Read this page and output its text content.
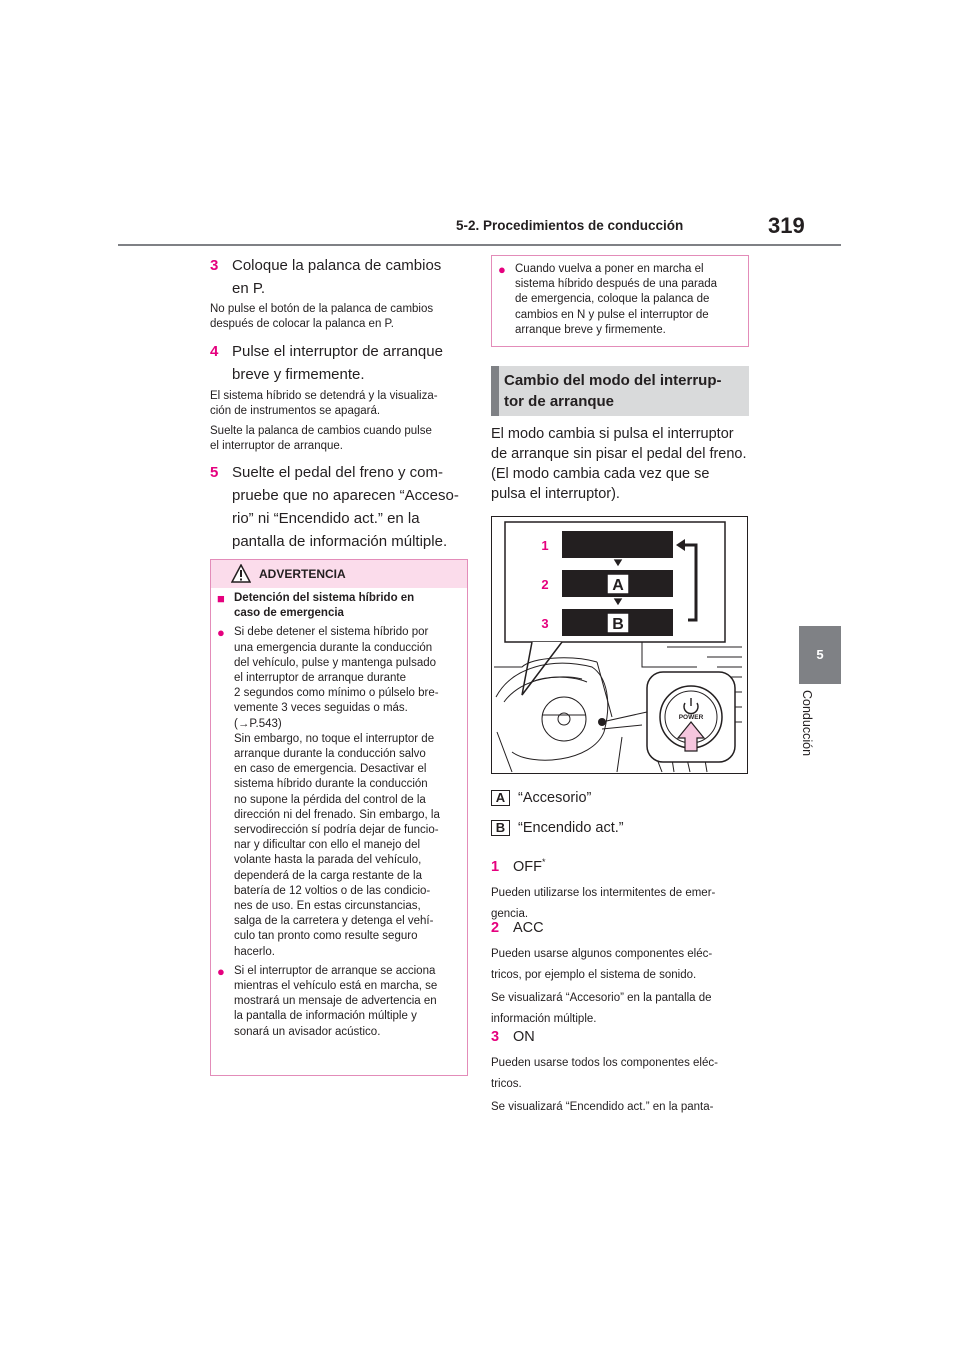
5-2. Procedimientos de conducción	319
5
Conducción
3 Coloque la palanca de cambios
en P.
No pulse el botón de la palanca de cambios
después de colocar la palanca en P.
4 Pulse el interruptor de arranque
breve y firmemente.
El sistema híbrido se detendrá y la visualiza-
ción de instrumentos se apagará.
Suelte la palanca de cambios cuando pulse
el interruptor de arranque.
5 Suelte el pedal del freno y com-
pruebe que no aparecen “Acceso-
rio” ni “Encendido act.” en la
pantalla de información múltiple.
ADVERTENCIA
■ Detención del sistema híbrido en
caso de emergencia
● Si debe detener el sistema híbrido por
una emergencia durante la conducción
del vehículo, pulse y mantenga pulsado
el interruptor de arranque durante
2 segundos como mínimo o púlselo bre-
vemente 3 veces seguidas o más.
(→P.543)
Sin embargo, no toque el interruptor de
arranque durante la conducción salvo
en caso de emergencia. Desactivar el
sistema híbrido durante la conducción
no supone la pérdida del control de la
dirección ni del frenado. Sin embargo, la
servodirección sí podría dejar de funcio-
nar y dificultar con ello el manejo del
volante hasta la parada del vehículo,
dependerá de la carga restante de la
batería de 12 voltios o de las condicio-
nes de uso. En estas circunstancias,
salga de la carretera y detenga el vehí-
culo tan pronto como resulte seguro
hacerlo.
● Si el interruptor de arranque se acciona
mientras el vehículo está en marcha, se
mostrará un mensaje de advertencia en
la pantalla de información múltiple y
sonará un avisador acústico.
● Cuando vuelva a poner en marcha el
sistema híbrido después de una parada
de emergencia, coloque la palanca de
cambios en N y pulse el interruptor de
arranque breve y firmemente.
Cambio del modo del interrup-
tor de arranque
El modo cambia si pulsa el interruptor
de arranque sin pisar el pedal del freno.
(El modo cambia cada vez que se
pulsa el interruptor).
A
B
1
2
3
POWER
A “Accesorio”
B “Encendido act.”
1 OFF*
Pueden utilizarse los intermitentes de emer-
gencia.
2 ACC
Pueden usarse algunos componentes eléc-
tricos, por ejemplo el sistema de sonido.
Se visualizará “Accesorio” en la pantalla de
información múltiple.
3 ON
Pueden usarse todos los componentes eléc-
tricos.
Se visualizará “Encendido act.” en la panta-
